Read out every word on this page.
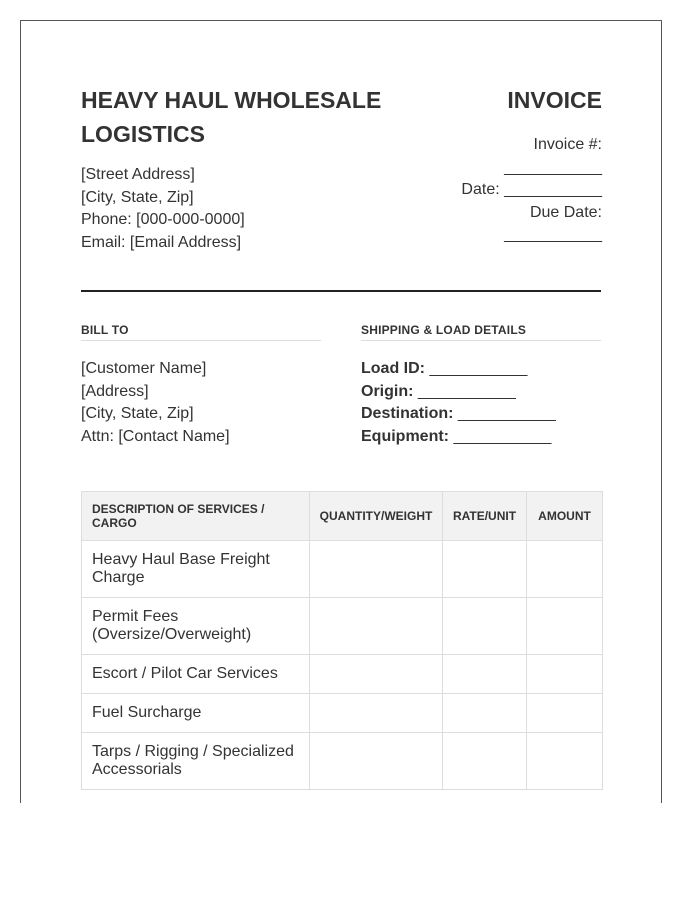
HEAVY HAUL WHOLESALE LOGISTICS
[Street Address]
[City, State, Zip]
Phone: [000-000-0000]
Email: [Email Address]
INVOICE
Invoice #:
___________
Date: ___________
Due Date:
___________
BILL TO
[Customer Name]
[Address]
[City, State, Zip]
Attn: [Contact Name]
SHIPPING & LOAD DETAILS
Load ID: ___________
Origin: ___________
Destination: ___________
Equipment: ___________
DESCRIPTION OF SERVICES / CARGO	QUANTITY/WEIGHT	RATE/UNIT	AMOUNT
Heavy Haul Base Freight Charge			
Permit Fees (Oversize/Overweight)			
Escort / Pilot Car Services			
Fuel Surcharge			
Tarps / Rigging / Specialized Accessorials			
